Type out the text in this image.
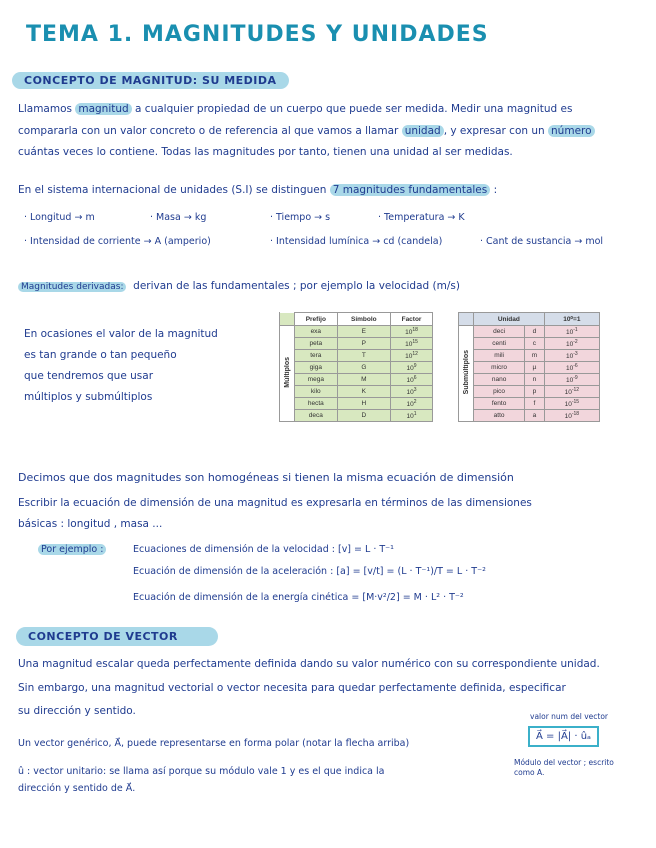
TEMA 1. MAGNITUDES Y UNIDADES
CONCEPTO DE MAGNITUD: SU MEDIDA
Llamamos magnitud a cualquier propiedad de un cuerpo que puede ser medida. Medir una magnitud es
compararla con un valor concreto o de referencia al que vamos a llamar unidad , y expresar con un número
cuántas veces lo contiene. Todas las magnitudes por tanto, tienen una unidad al ser medidas.
En el sistema internacional de unidades (S.I) se distinguen 7 magnitudes fundamentales :
· Longitud → m	· Masa → kg	· Tiempo → s	· Temperatura → K
· Intensidad de corriente → A (amperio)	· Intensidad lumínica → cd (candela)	· Cant de sustancia → mol
Magnitudes derivadas: derivan de las fundamentales ; por ejemplo la velocidad (m/s)
En ocasiones el valor de la magnitud
es tan grande o tan pequeño
que tendremos que usar
múltiplos y submúltiplos
	Prefijo	Símbolo	Factor
Múltiplos	exa	E	$10^{18}$
	peta	P	$10^{15}$
	tera	T	$10^{12}$
	giga	G	$10^9$
	mega	M	$10^6$
	kilo	K	$10^3$
	hecta	H	$10^2$
	deca	D	$10^1$
	Unidad		10⁰=1
Submúltiplos	deci	d	$10^{-1}$
	centi	c	$10^{-2}$
	mili	m	$10^{-3}$
	micro	µ	$10^{-6}$
	nano	n	$10^{-9}$
	pico	p	$10^{-12}$
	fento	f	$10^{-15}$
	atto	a	$10^{-18}$
Decimos que dos magnitudes son homogéneas si tienen la misma ecuación de dimensión
Escribir la ecuación de dimensión de una magnitud es expresarla en términos de las dimensiones
básicas : longitud , masa ...
Por ejemplo :	Ecuaciones de dimensión de la velocidad : [v] = L · T⁻¹
Ecuación de dimensión de la aceleración : [a] = [v/t] = (L · T⁻¹)/T = L · T⁻²
Ecuación de dimensión de la energía cinética = [M·v²/2] = M · L² · T⁻²
CONCEPTO DE VECTOR
Una magnitud escalar queda perfectamente definida dando su valor numérico con su correspondiente unidad.
Sin embargo, una magnitud vectorial o vector necesita para quedar perfectamente definida, especificar
su dirección y sentido.
Un vector genérico, A⃗, puede representarse en forma polar (notar la flecha arriba)
û : vector unitario: se llama así porque su módulo vale 1 y es el que indica la
dirección y sentido de A⃗.
valor num del vector
A⃗ = |A⃗| · ûₐ
Módulo del vector ; escrito
como A.
